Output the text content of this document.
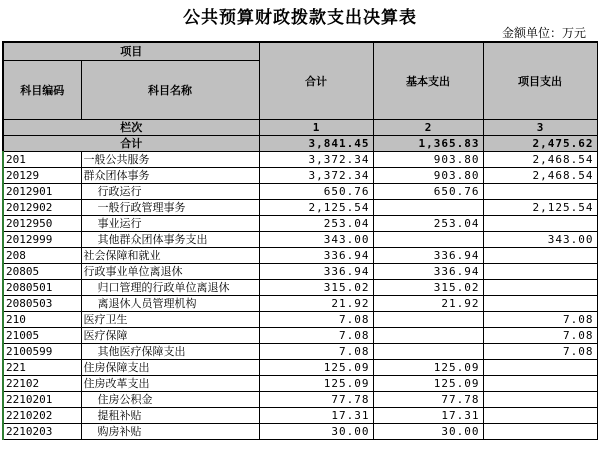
公共预算财政拨款支出决算表
金额单位：万元
项目		合计	基本支出	项目支出
科目编码	科目名称			

栏次		1	2	3
合计		3,841.45	1,365.83	2,475.62
201	一般公共服务	3,372.34	903.80	2,468.54
20129	群众团体事务	3,372.34	903.80	2,468.54
2012901	行政运行	650.76	650.76	
2012902	一般行政管理事务	2,125.54		2,125.54
2012950	事业运行	253.04	253.04	
2012999	其他群众团体事务支出	343.00		343.00
208	社会保障和就业	336.94	336.94	
20805	行政事业单位离退休	336.94	336.94	
2080501	归口管理的行政单位离退休	315.02	315.02	
2080503	离退休人员管理机构	21.92	21.92	
210	医疗卫生	7.08		7.08
21005	医疗保障	7.08		7.08
2100599	其他医疗保障支出	7.08		7.08
221	住房保障支出	125.09	125.09	
22102	住房改革支出	125.09	125.09	
2210201	住房公积金	77.78	77.78	
2210202	提租补贴	17.31	17.31	
2210203	购房补贴	30.00	30.00	
